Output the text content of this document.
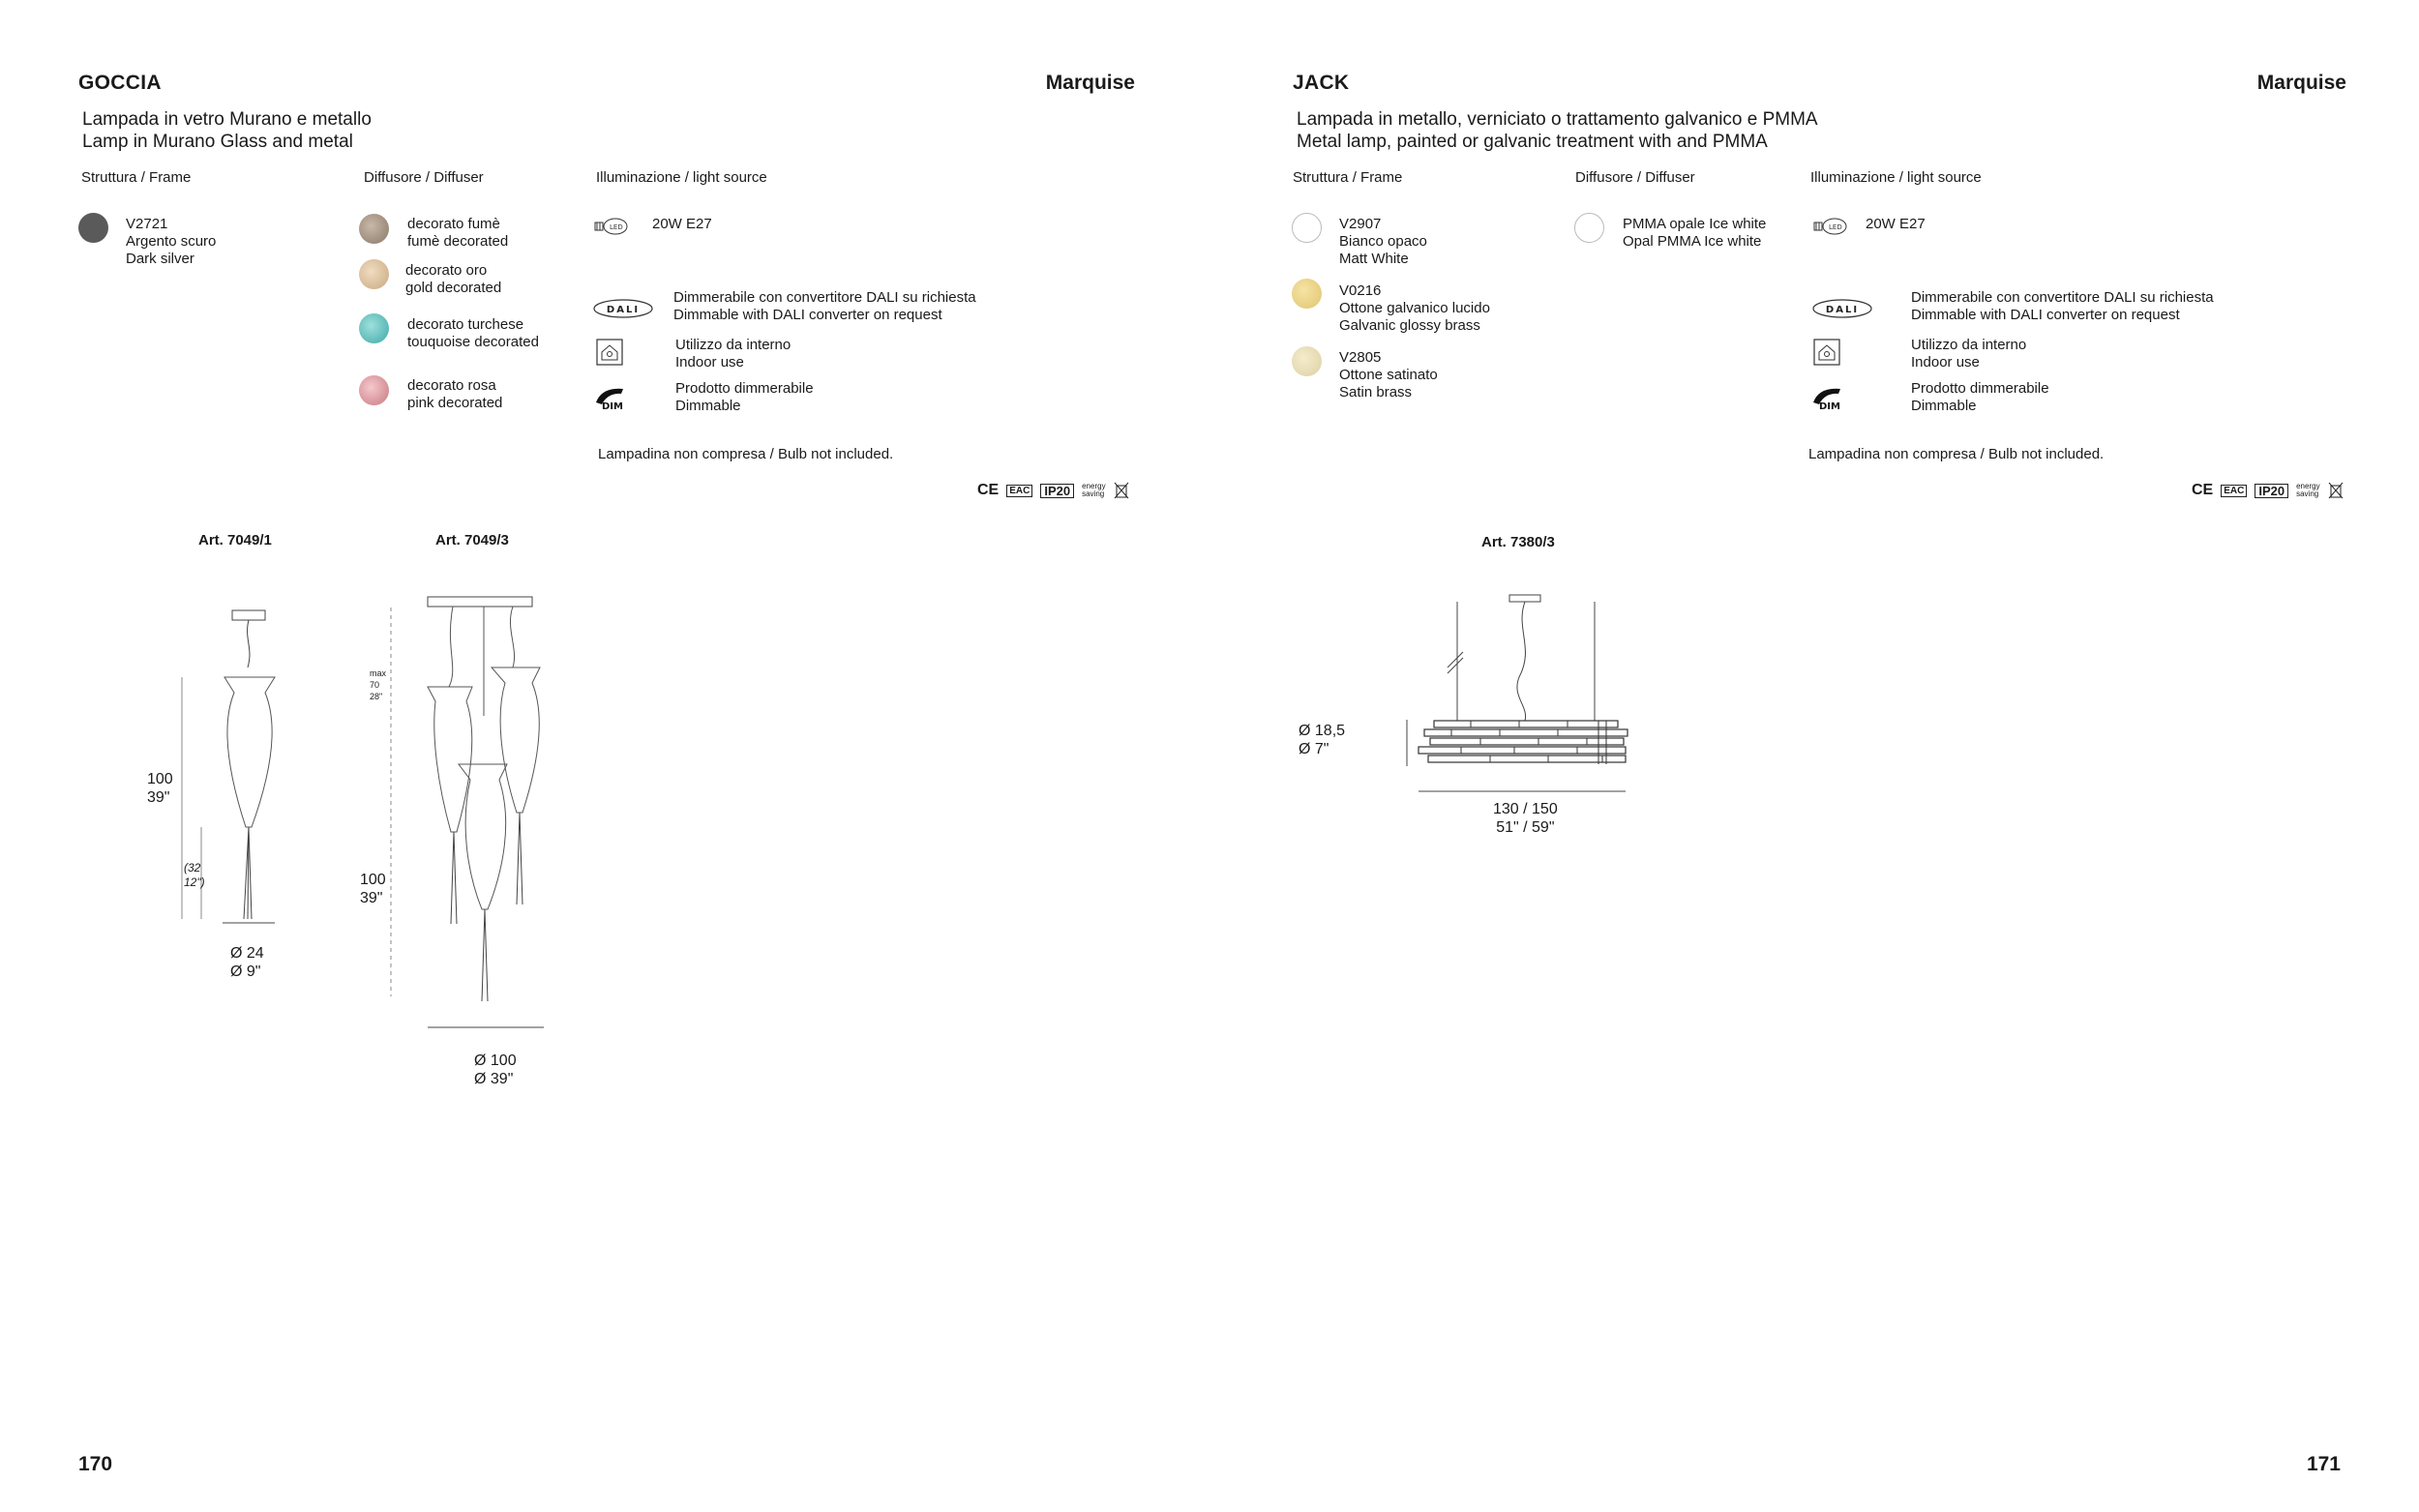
GOCCIA	Marquise
Lampada in vetro Murano e metallo
Lamp in Murano Glass and metal
Struttura / Frame	Diffusore / Diffuser	Illuminazione / light source
V2721
Argento scuro
Dark silver
decorato fumè
fumè decorated
decorato oro
gold decorated
decorato turchese
touquoise decorated
decorato rosa
pink decorated
LED 20W E27
DALI
Dimmerabile con convertitore DALI su richiesta
Dimmable with DALI converter on request
Utilizzo da interno
Indoor use
DIM
Prodotto dimmerabile
Dimmable
Lampadina non compresa / Bulb not included.
CE	EAC	IP20	energy
saving
Art. 7049/1	Art. 7049/3
100
39"
(32
12")
Ø 24
Ø 9"
max
70
28"
100
39"
Ø 100
Ø 39"
170
JACK	Marquise
Lampada in metallo, verniciato o trattamento galvanico e PMMA
Metal lamp, painted or galvanic treatment with and PMMA
Struttura / Frame	Diffusore / Diffuser	Illuminazione / light source
V2907
Bianco opaco
Matt White
V0216
Ottone galvanico lucido
Galvanic glossy brass
V2805
Ottone satinato
Satin brass
PMMA opale Ice white
Opal PMMA Ice white
LED 20W E27
DALI
Dimmerabile con convertitore DALI su richiesta
Dimmable with DALI converter on request
Utilizzo da interno
Indoor use
DIM
Prodotto dimmerabile
Dimmable
Lampadina non compresa / Bulb not included.
CE	EAC	IP20	energy
saving
Art. 7380/3
Ø 18,5
Ø 7"
130 / 150
51" / 59"
171
